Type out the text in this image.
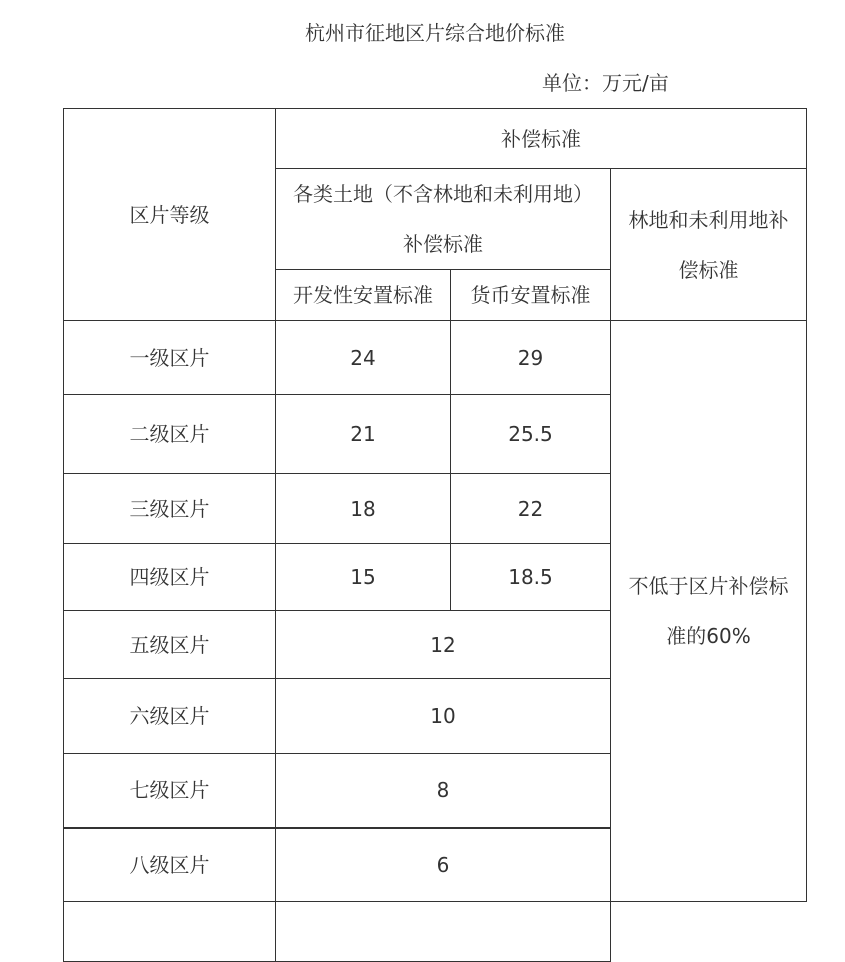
杭州市征地区片综合地价标准
单位：万元/亩
区片等级	补偿标准		

	各类土地（不含林地和未利用地）补偿标准		林地和未利用地补偿标准

	开发性安置标准	货币安置标准	
一级区片	24	29	不低于区片补偿标准的60%

二级区片	21	25.5	
三级区片	18	22	
四级区片	15	18.5	
五级区片	12		
六级区片	10		
七级区片	8		
八级区片	6		
